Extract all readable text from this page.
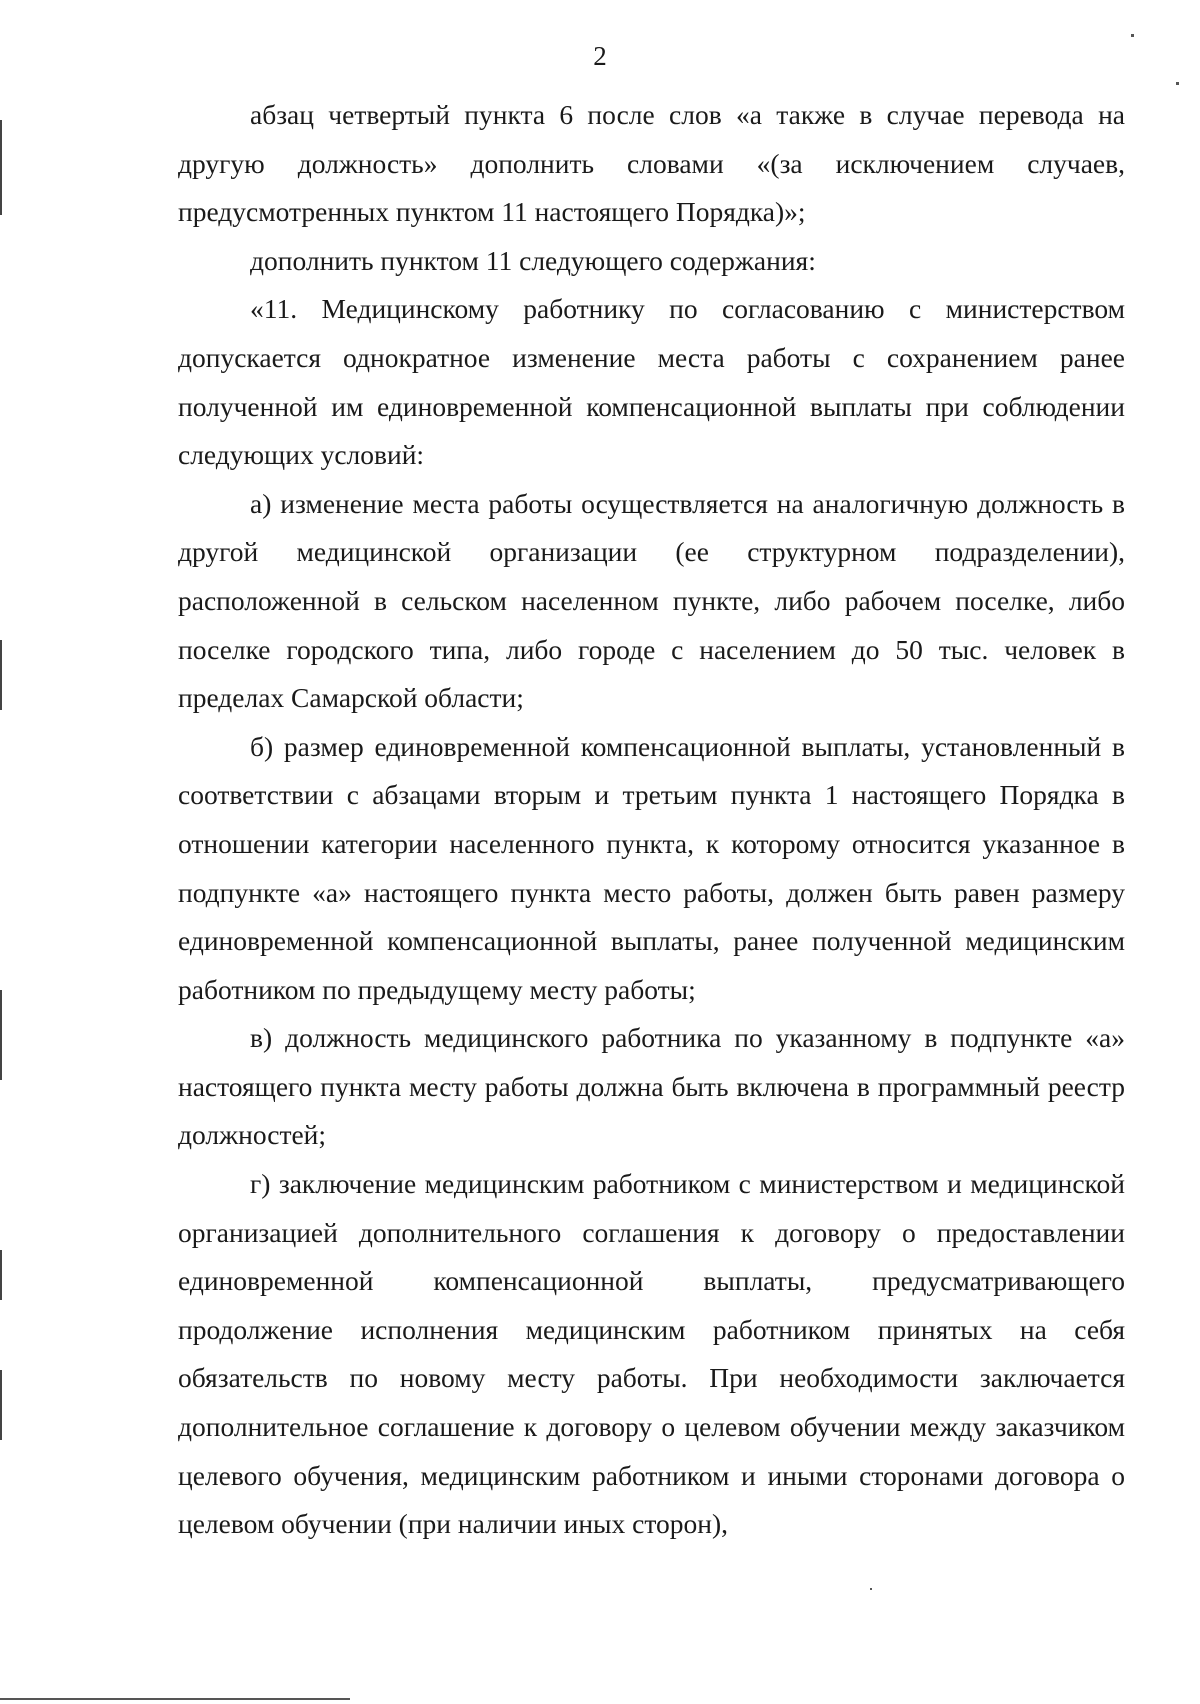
2

абзац четвертый пункта 6 после слов «а также в случае перевода на другую должность» дополнить словами «(за исключением случаев, предусмотренных пунктом 11 настоящего Порядка)»;

дополнить пунктом 11 следующего содержания:

«11. Медицинскому работнику по согласованию с министерством допускается однократное изменение места работы с сохранением ранее полученной им единовременной компенсационной выплаты при соблюдении следующих условий:

а) изменение места работы осуществляется на аналогичную должность в другой медицинской организации (ее структурном подразделении), расположенной в сельском населенном пункте, либо рабочем поселке, либо поселке городского типа, либо городе с населением до 50 тыс. человек в пределах Самарской области;

б) размер единовременной компенсационной выплаты, установленный в соответствии с абзацами вторым и третьим пункта 1 настоящего Порядка в отношении категории населенного пункта, к которому относится указанное в подпункте «а» настоящего пункта место работы, должен быть равен размеру единовременной компенсационной выплаты, ранее полученной медицинским работником по предыдущему месту работы;

в) должность медицинского работника по указанному в подпункте «а» настоящего пункта месту работы должна быть включена в программный реестр должностей;

г) заключение медицинским работником с министерством и медицинской организацией дополнительного соглашения к договору о предоставлении единовременной компенсационной выплаты, предусматривающего продолжение исполнения медицинским работником принятых на себя обязательств по новому месту работы. При необходимости заключается дополнительное соглашение к договору о целевом обучении между заказчиком целевого обучения, медицинским работником и иными сторонами договора о целевом обучении (при наличии иных сторон),
